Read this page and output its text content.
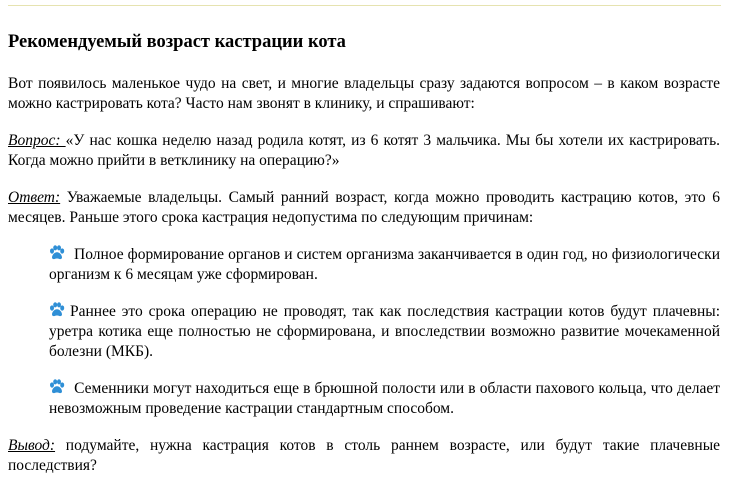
Рекомендуемый возраст кастрации кота

Вот появилось маленькое чудо на свет, и многие владельцы сразу задаются вопросом – в каком возрасте можно кастрировать кота? Часто нам звонят в клинику, и спрашивают:

Вопрос: «У нас кошка неделю назад родила котят, из 6 котят 3 мальчика. Мы бы хотели их кастрировать. Когда можно прийти в ветклинику на операцию?»

Ответ: Уважаемые владельцы. Самый ранний возраст, когда можно проводить кастрацию котов, это 6 месяцев. Раньше этого срока кастрация недопустима по следующим причинам:

Полное формирование органов и систем организма заканчивается в один год, но физиологически организм к 6 месяцам уже сформирован.

Раннее это срока операцию не проводят, так как последствия кастрации котов будут плачевны: уретра котика еще полностью не сформирована, и впоследствии возможно развитие мочекаменной болезни (МКБ).

Семенники могут находиться еще в брюшной полости или в области пахового кольца, что делает невозможным проведение кастрации стандартным способом.

Вывод: подумайте, нужна кастрация котов в столь раннем возрасте, или будут такие плачевные последствия?
